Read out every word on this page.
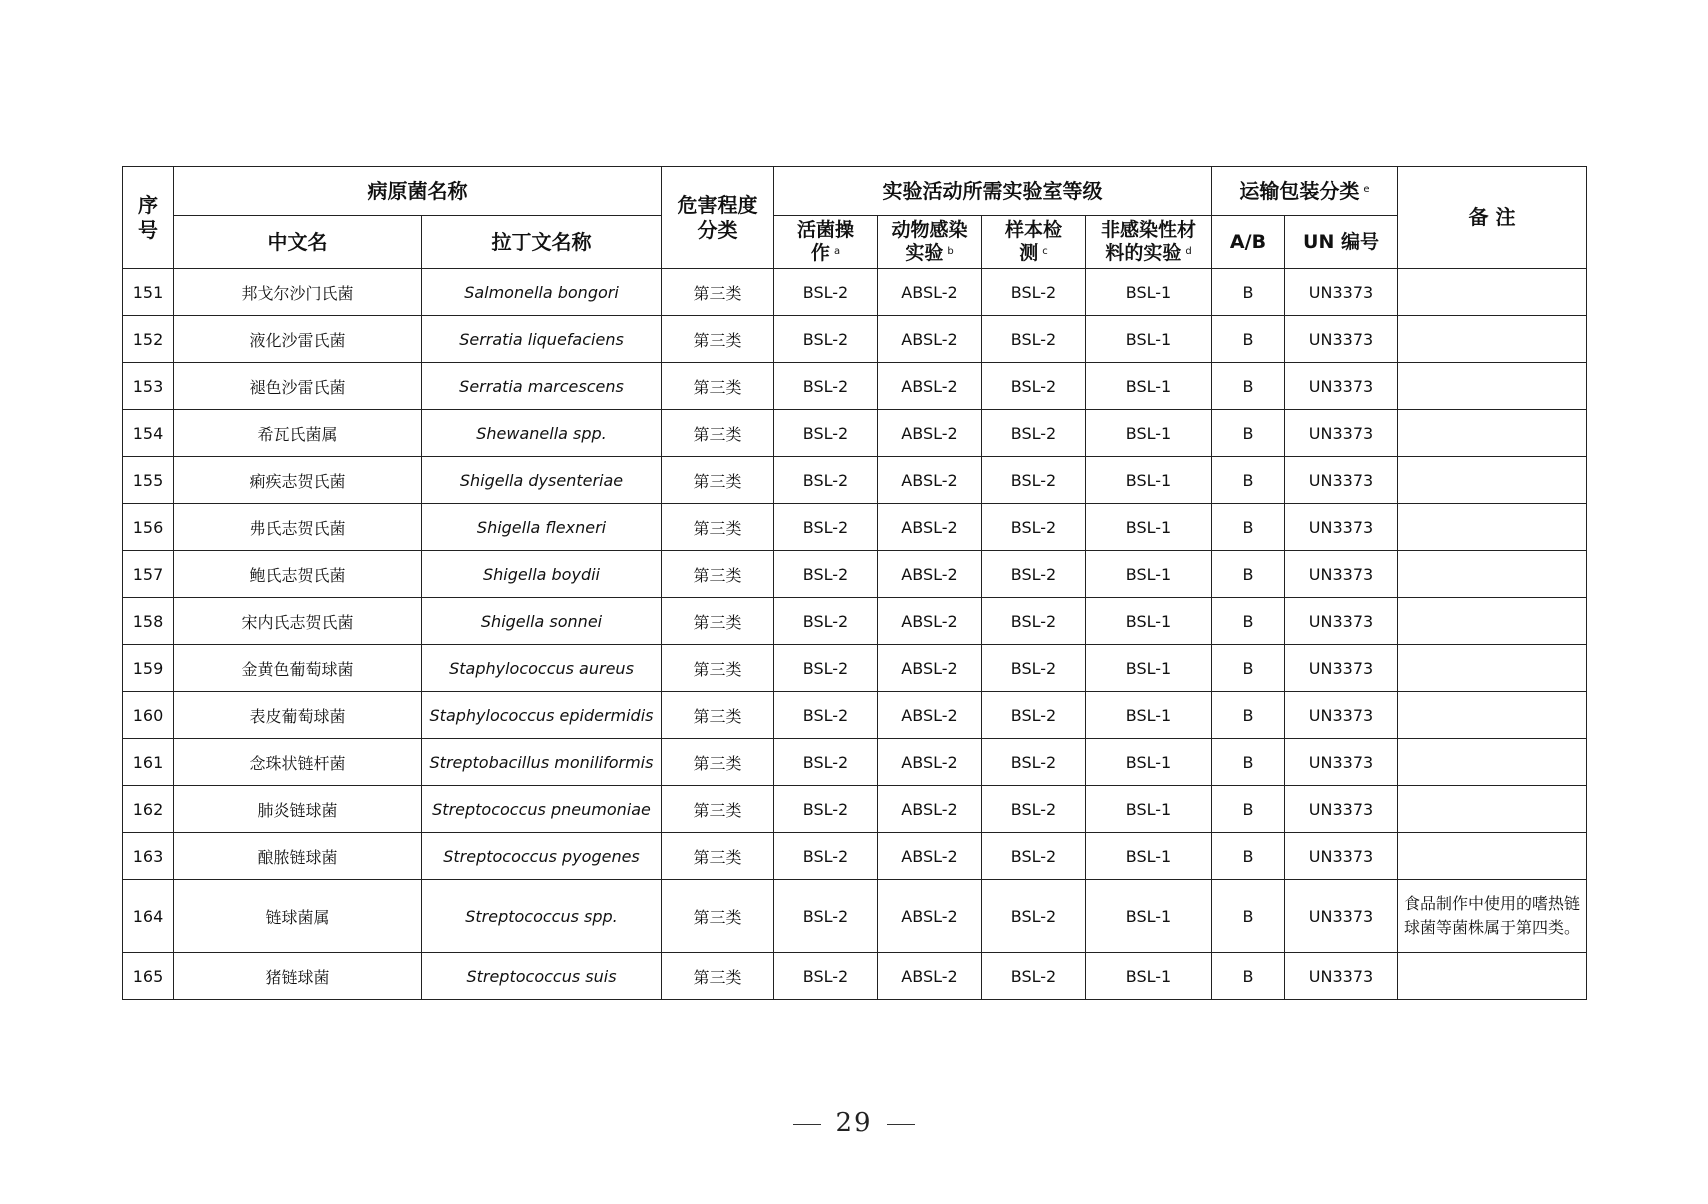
序号	病原菌名称		危害程度分类	实验活动所需实验室等级				运输包装分类 $^e$		备 注
	中文名	拉丁文名称		活菌操作 $^a$	动物感染实验 $^b$	样本检测 $^c$	非感染性材料的实验 $^d$	A/B	UN 编号	
151	邦戈尔沙门氏菌	Salmonella bongori	第三类	BSL-2	ABSL-2	BSL-2	BSL-1	B	UN3373	
152	液化沙雷氏菌	Serratia liquefaciens	第三类	BSL-2	ABSL-2	BSL-2	BSL-1	B	UN3373	
153	褪色沙雷氏菌	Serratia marcescens	第三类	BSL-2	ABSL-2	BSL-2	BSL-1	B	UN3373	
154	希瓦氏菌属	Shewanella spp.	第三类	BSL-2	ABSL-2	BSL-2	BSL-1	B	UN3373	
155	痢疾志贺氏菌	Shigella dysenteriae	第三类	BSL-2	ABSL-2	BSL-2	BSL-1	B	UN3373	
156	弗氏志贺氏菌	Shigella flexneri	第三类	BSL-2	ABSL-2	BSL-2	BSL-1	B	UN3373	
157	鲍氏志贺氏菌	Shigella boydii	第三类	BSL-2	ABSL-2	BSL-2	BSL-1	B	UN3373	
158	宋内氏志贺氏菌	Shigella sonnei	第三类	BSL-2	ABSL-2	BSL-2	BSL-1	B	UN3373	
159	金黄色葡萄球菌	Staphylococcus aureus	第三类	BSL-2	ABSL-2	BSL-2	BSL-1	B	UN3373	
160	表皮葡萄球菌	Staphylococcus epidermidis	第三类	BSL-2	ABSL-2	BSL-2	BSL-1	B	UN3373	
161	念珠状链杆菌	Streptobacillus moniliformis	第三类	BSL-2	ABSL-2	BSL-2	BSL-1	B	UN3373	
162	肺炎链球菌	Streptococcus pneumoniae	第三类	BSL-2	ABSL-2	BSL-2	BSL-1	B	UN3373	
163	酿脓链球菌	Streptococcus pyogenes	第三类	BSL-2	ABSL-2	BSL-2	BSL-1	B	UN3373	
164	链球菌属	Streptococcus spp.	第三类	BSL-2	ABSL-2	BSL-2	BSL-1	B	UN3373	食品制作中使用的嗜热链球菌等菌株属于第四类。
165	猪链球菌	Streptococcus suis	第三类	BSL-2	ABSL-2	BSL-2	BSL-1	B	UN3373	
29
